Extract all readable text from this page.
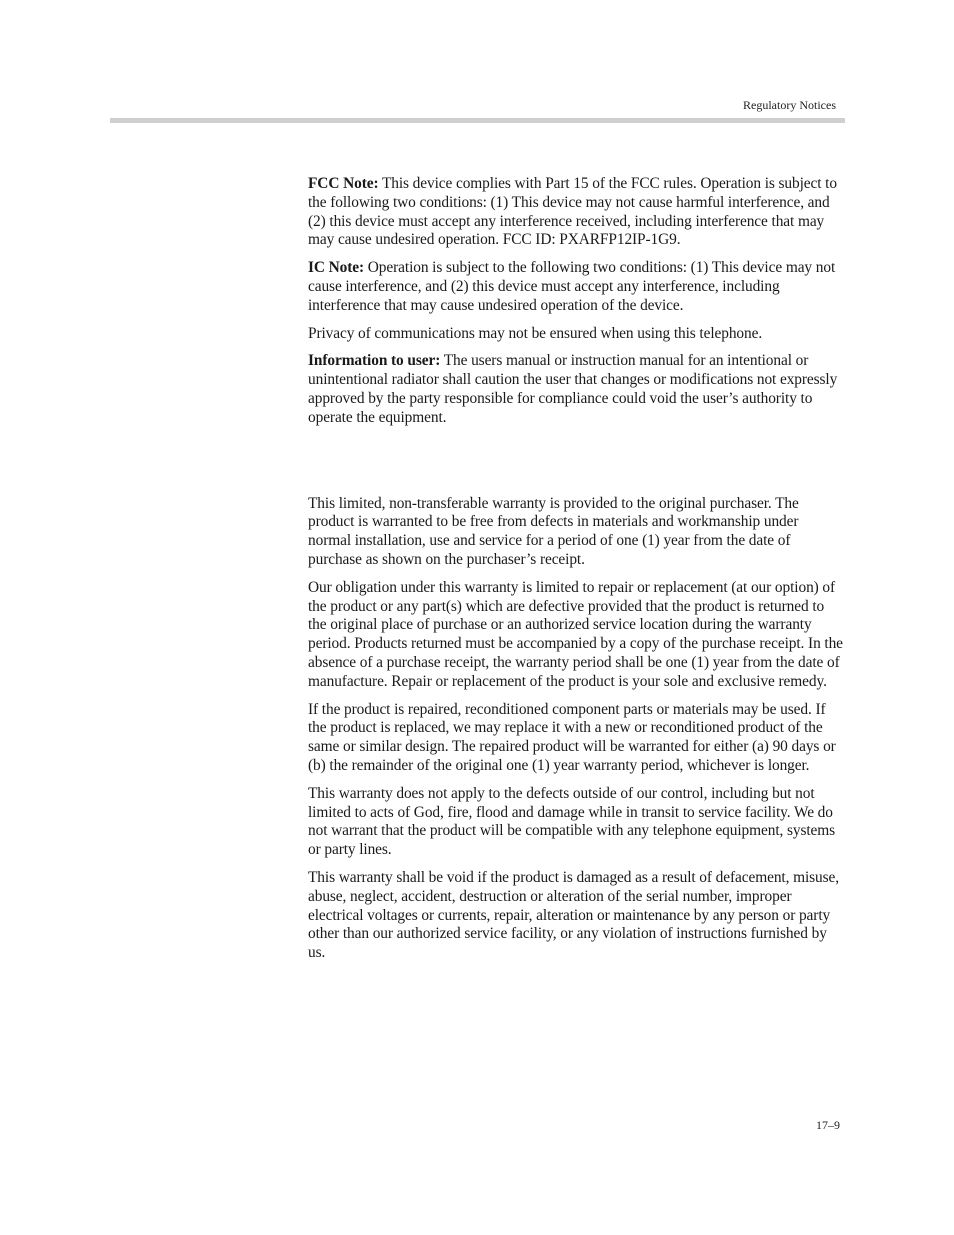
Regulatory Notices

FCC Note: This device complies with Part 15 of the FCC rules. Operation is subject to the following two conditions: (1) This device may not cause harmful interference, and (2) this device must accept any interference received, including interference that may may cause undesired operation. FCC ID: PXARFP12IP-1G9.

IC Note: Operation is subject to the following two conditions: (1) This device may not cause interference, and (2) this device must accept any interference, including interference that may cause undesired operation of the device.

Privacy of communications may not be ensured when using this telephone.

Information to user: The users manual or instruction manual for an intentional or unintentional radiator shall caution the user that changes or modifications not expressly approved by the party responsible for compliance could void the user’s authority to operate the equipment.

This limited, non-transferable warranty is provided to the original purchaser. The product is warranted to be free from defects in materials and workmanship under normal installation, use and service for a period of one (1) year from the date of purchase as shown on the purchaser’s receipt.

Our obligation under this warranty is limited to repair or replacement (at our option) of the product or any part(s) which are defective provided that the product is returned to the original place of purchase or an authorized service location during the warranty period. Products returned must be accompanied by a copy of the purchase receipt. In the absence of a purchase receipt, the warranty period shall be one (1) year from the date of manufacture. Repair or replacement of the product is your sole and exclusive remedy.

If the product is repaired, reconditioned component parts or materials may be used. If the product is replaced, we may replace it with a new or reconditioned product of the same or similar design. The repaired product will be warranted for either (a) 90 days or (b) the remainder of the original one (1) year warranty period, whichever is longer.

This warranty does not apply to the defects outside of our control, including but not limited to acts of God, fire, flood and damage while in transit to service facility. We do not warrant that the product will be compatible with any telephone equipment, systems or party lines.

This warranty shall be void if the product is damaged as a result of defacement, misuse, abuse, neglect, accident, destruction or alteration of the serial number, improper electrical voltages or currents, repair, alteration or maintenance by any person or party other than our authorized service facility, or any violation of instructions furnished by us.

17–9
